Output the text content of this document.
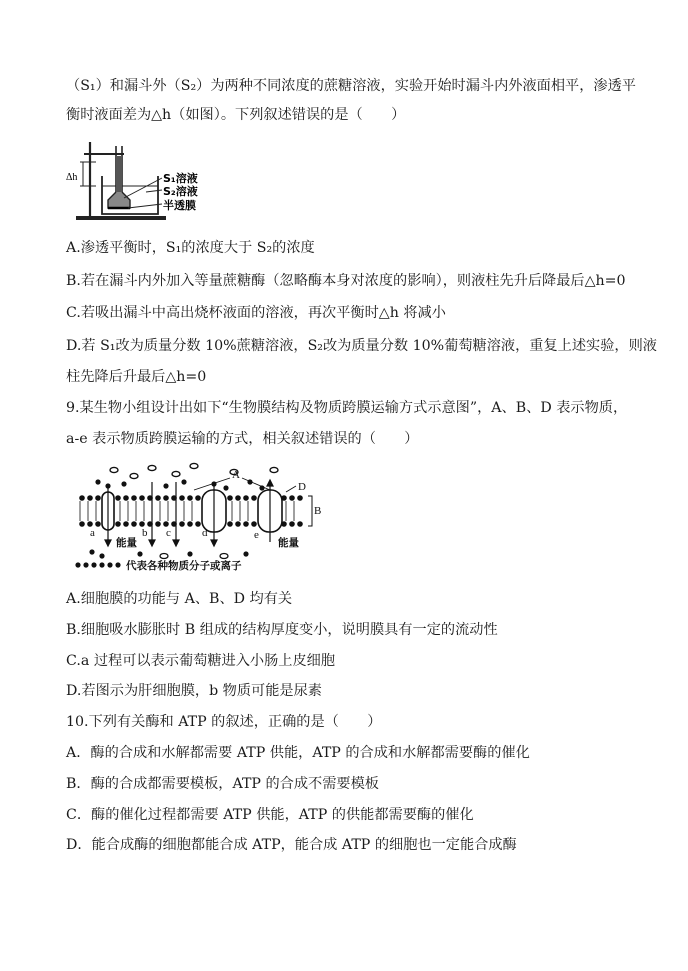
（S₁）和漏斗外（S₂）为两种不同浓度的蔗糖溶液，实验开始时漏斗内外液面相平，渗透平
衡时液面差为△h（如图）。下列叙述错误的是（　　）
Δh	S₁溶液
S₂溶液
半透膜
A.渗透平衡时，S₁的浓度大于 S₂的浓度
B.若在漏斗内外加入等量蔗糖酶（忽略酶本身对浓度的影响），则液柱先升后降最后△h=0
C.若吸出漏斗中高出烧杯液面的溶液，再次平衡时△h 将减小
D.若 S₁改为质量分数 10%蔗糖溶液，S₂改为质量分数 10%葡萄糖溶液，重复上述实验，则液
柱先降后升最后△h=0
9.某生物小组设计出如下“生物膜结构及物质跨膜运输方式示意图”，A、B、D 表示物质，
a-e 表示物质跨膜运输的方式，相关叙述错误的（　　）
A
B
D
a	b c	d	e
能量	能量
代表各种物质分子或离子
A.细胞膜的功能与 A、B、D 均有关
B.细胞吸水膨胀时 B 组成的结构厚度变小，说明膜具有一定的流动性
C.a 过程可以表示葡萄糖进入小肠上皮细胞
D.若图示为肝细胞膜，b 物质可能是尿素
10.下列有关酶和 ATP 的叙述，正确的是（　　）
A．酶的合成和水解都需要 ATP 供能，ATP 的合成和水解都需要酶的催化
B．酶的合成都需要模板，ATP 的合成不需要模板
C．酶的催化过程都需要 ATP 供能，ATP 的供能都需要酶的催化
D．能合成酶的细胞都能合成 ATP，能合成 ATP 的细胞也一定能合成酶
